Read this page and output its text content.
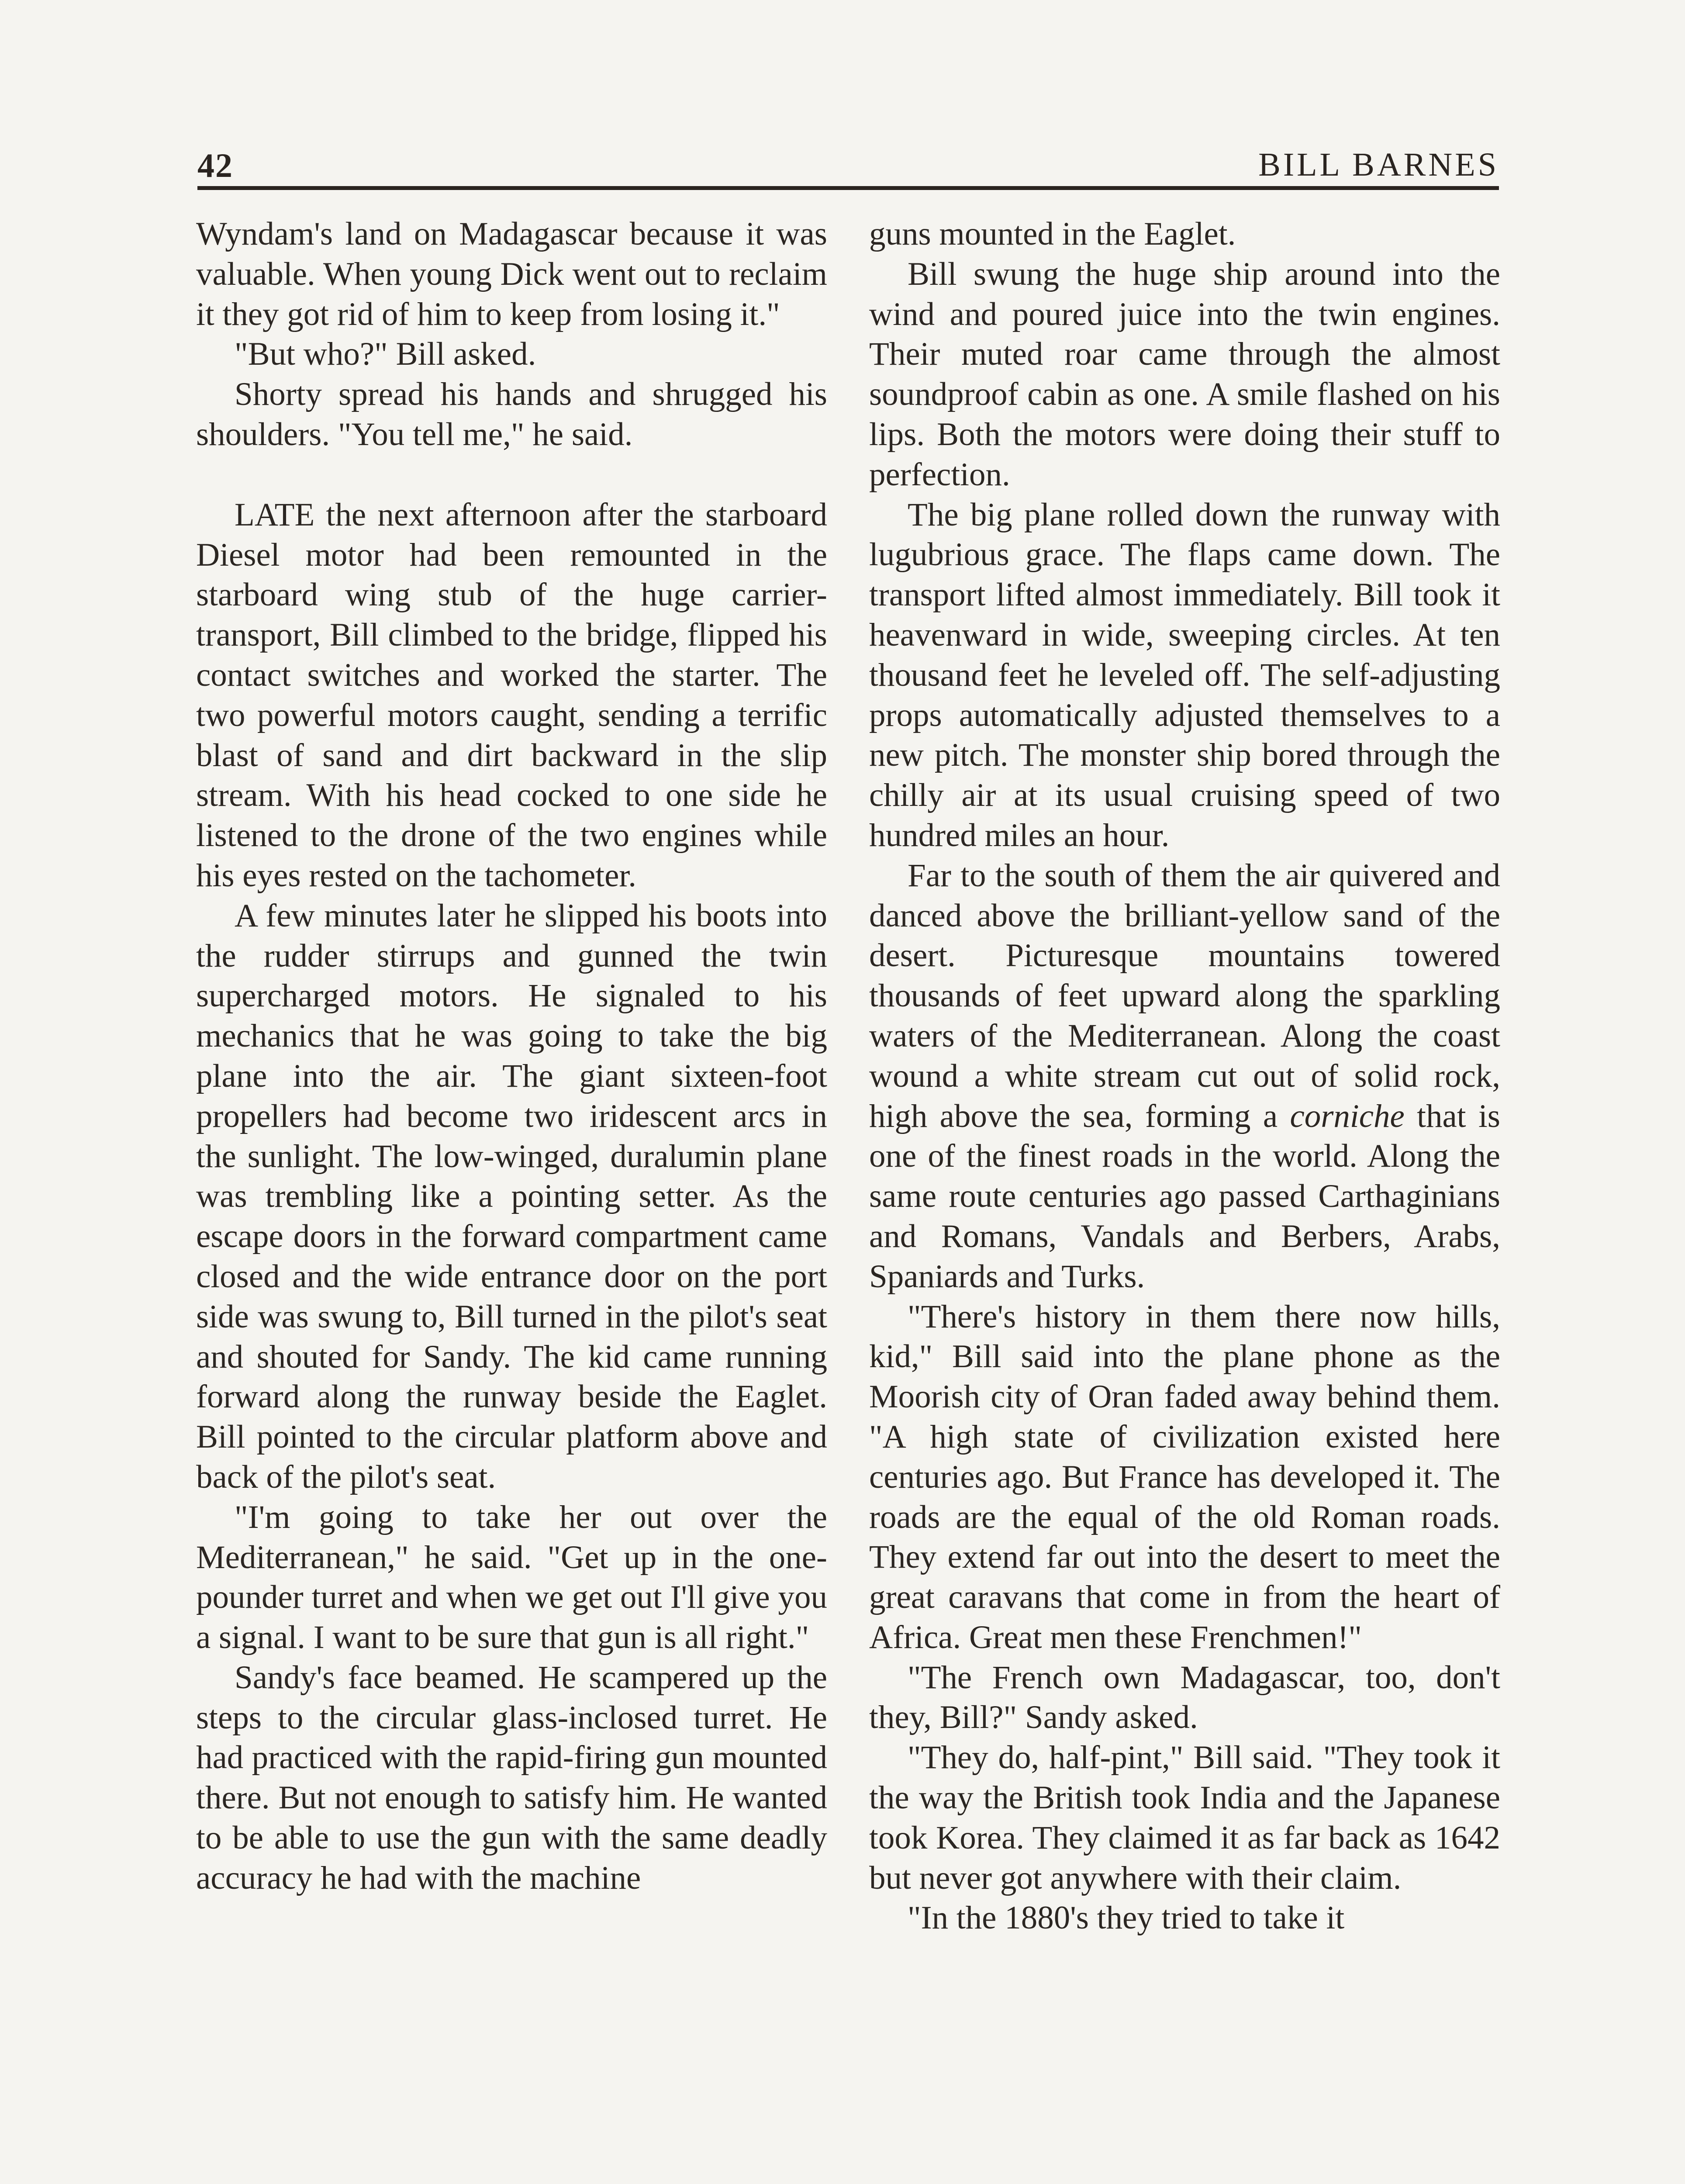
42	BILL BARNES

Wyndam's land on Madagascar because it was valuable. When young Dick went out to reclaim it they got rid of him to keep from losing it."

"But who?" Bill asked.

Shorty spread his hands and shrugged his shoulders. "You tell me," he said.

LATE the next afternoon after the starboard Diesel motor had been remounted in the starboard wing stub of the huge carrier-transport, Bill climbed to the bridge, flipped his contact switches and worked the starter. The two powerful motors caught, sending a terrific blast of sand and dirt backward in the slip stream. With his head cocked to one side he listened to the drone of the two engines while his eyes rested on the tachometer.

A few minutes later he slipped his boots into the rudder stirrups and gunned the twin supercharged motors. He signaled to his mechanics that he was going to take the big plane into the air. The giant sixteen-foot propellers had become two iridescent arcs in the sunlight. The low-winged, duralumin plane was trembling like a pointing setter. As the escape doors in the forward compartment came closed and the wide entrance door on the port side was swung to, Bill turned in the pilot's seat and shouted for Sandy. The kid came running forward along the runway beside the Eaglet. Bill pointed to the circular platform above and back of the pilot's seat.

"I'm going to take her out over the Mediterranean," he said. "Get up in the one-pounder turret and when we get out I'll give you a signal. I want to be sure that gun is all right."

Sandy's face beamed. He scampered up the steps to the circular glass-inclosed turret. He had practiced with the rapid-firing gun mounted there. But not enough to satisfy him. He wanted to be able to use the gun with the same deadly accuracy he had with the machine

guns mounted in the Eaglet.

Bill swung the huge ship around into the wind and poured juice into the twin engines. Their muted roar came through the almost soundproof cabin as one. A smile flashed on his lips. Both the motors were doing their stuff to perfection.

The big plane rolled down the runway with lugubrious grace. The flaps came down. The transport lifted almost immediately. Bill took it heavenward in wide, sweeping circles. At ten thousand feet he leveled off. The self-adjusting props automatically adjusted themselves to a new pitch. The monster ship bored through the chilly air at its usual cruising speed of two hundred miles an hour.

Far to the south of them the air quivered and danced above the brilliant-yellow sand of the desert. Picturesque mountains towered thousands of feet upward along the sparkling waters of the Mediterranean. Along the coast wound a white stream cut out of solid rock, high above the sea, forming a corniche that is one of the finest roads in the world. Along the same route centuries ago passed Carthaginians and Romans, Vandals and Berbers, Arabs, Spaniards and Turks.

"There's history in them there now hills, kid," Bill said into the plane phone as the Moorish city of Oran faded away behind them. "A high state of civilization existed here centuries ago. But France has developed it. The roads are the equal of the old Roman roads. They extend far out into the desert to meet the great caravans that come in from the heart of Africa. Great men these Frenchmen!"

"The French own Madagascar, too, don't they, Bill?" Sandy asked.

"They do, half-pint," Bill said. "They took it the way the British took India and the Japanese took Korea. They claimed it as far back as 1642 but never got anywhere with their claim.

"In the 1880's they tried to take it
